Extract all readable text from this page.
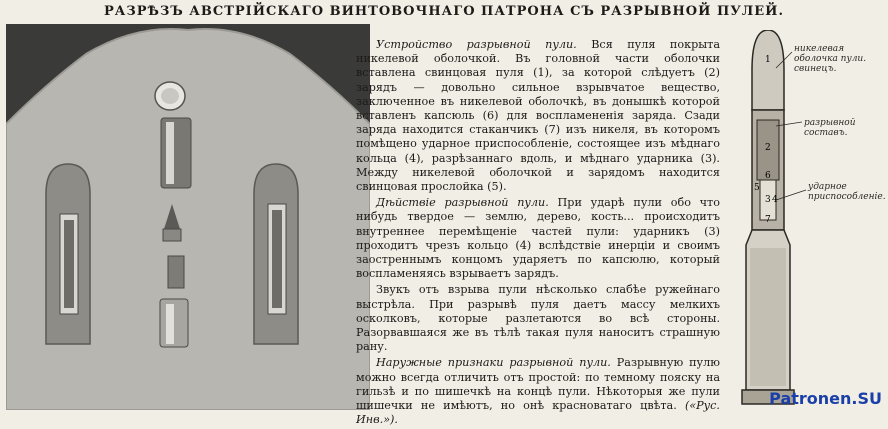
РАЗРѢЗЪ АВСТРІЙСКАГО ВИНТОВОЧНАГО ПАТРОНА СЪ РАЗРЫВНОЙ ПУЛЕЙ.

Устройство разрывной пули. Вся пуля покрыта никелевой оболочкой. Въ головной части оболочки вставлена свинцовая пуля (1), за которой слѣдуетъ (2) зарядъ — довольно сильное взрывчатое вещество, заключенное въ никелевой оболочкѣ, въ донышкѣ которой вставленъ капсюль (6) для воспламененія заряда. Сзади заряда находится стаканчикъ (7) изъ никеля, въ которомъ помѣщено ударное приспособленіе, состоящее изъ мѣднаго кольца (4), разрѣзаннаго вдоль, и мѣднаго ударника (3). Между никелевой оболочкой и зарядомъ находится свинцовая прослойка (5).

Дѣйствіе разрывной пули. При ударѣ пули обо что нибудь твердое — землю, дерево, кость... происходитъ внутреннее перемѣщеніе частей пули: ударникъ (3) проходитъ чрезъ кольцо (4) вслѣдствіе инерціи и своимъ заостреннымъ концомъ ударяетъ по капсюлю, который воспламеняясь взрываетъ зарядъ.

Звукъ отъ взрыва пули нѣсколько слабѣе ружейнаго выстрѣла. При разрывѣ пуля даетъ массу мелкихъ осколковъ, которые разлетаются во всѣ стороны. Разорвавшаяся же въ тѣлѣ такая пуля наноситъ страшную рану.

Наружные признаки разрывной пули. Разрывную пулю можно всегда отличить отъ простой: по темному пояску на гильзѣ и по шишечкѣ на концѣ пули. Нѣкоторыя же пули шишечки не имѣютъ, но онѣ красноватаго цвѣта. («Рус. Инв.»).

1
2
3 4
5
6
7
никелевая оболочка пули. свинецъ.
разрывной составъ.
ударное приспособленіе.
Patronen.SU
